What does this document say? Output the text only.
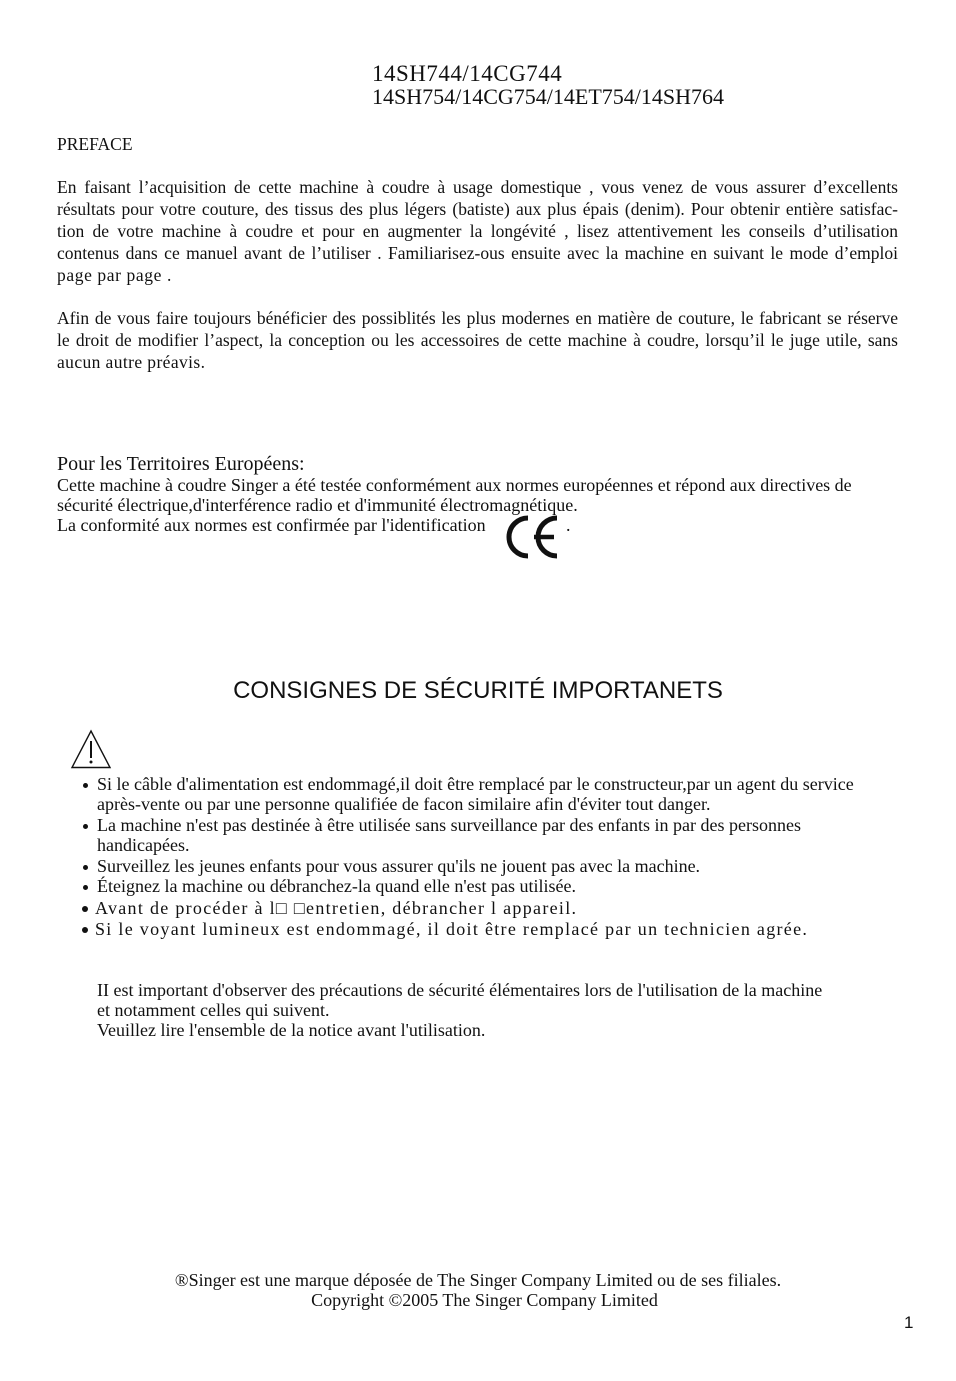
14SH744/14CG744
14SH754/14CG754/14ET754/14SH764
PREFACE
En faisant l’acquisition de cette machine à coudre à usage domestique , vous venez de vous assurer d’excellents
résultats pour votre couture, des tissus des plus légers (batiste) aux plus épais (denim). Pour obtenir entière satisfac-
tion de votre machine à coudre et pour en augmenter la longévité , lisez attentivement les conseils d’utilisation
contenus dans ce manuel avant de l’utiliser . Familiarisez-ous ensuite avec la machine en suivant le mode d’emploi
page par page .
Afin de vous faire toujours bénéficier des possiblités les plus modernes en matière de couture, le fabricant se réserve
le droit de modifier l’aspect, la conception ou les accessoires de cette machine à coudre, lorsqu’il le juge utile, sans
aucun autre préavis.
Pour les Territoires Européens:
Cette machine à coudre Singer a été testée conformément aux normes européennes et répond aux directives de
sécurité électrique,d'interférence radio et d'immunité électromagnétique.
La conformité aux normes est confirmée par l'identification	.
CONSIGNES DE SÉCURITÉ IMPORTANETS
Si le câble d'alimentation est endommagé,il doit être remplacé par le constructeur,par un agent du service
après-vente ou par une personne qualifiée de facon similaire afin d'éviter tout danger.
La machine n'est pas destinée à être utilisée sans surveillance par des enfants in par des personnes
handicapées.
Surveillez les jeunes enfants pour vous assurer qu'ils ne jouent pas avec la machine.
Éteignez la machine ou débranchez-la quand elle n'est pas utilisée.
Avant de procéder à l□ □entretien, débrancher l appareil.
Si le voyant lumineux est endommagé, il doit être remplacé par un technicien agrée.
II est important d'observer des précautions de sécurité élémentaires lors de l'utilisation de la machine
et notamment celles qui suivent.
Veuillez lire l'ensemble de la notice avant l'utilisation.
®Singer est une marque déposée de The Singer Company Limited ou de ses filiales.
Copyright ©2005 The Singer Company Limited
1
